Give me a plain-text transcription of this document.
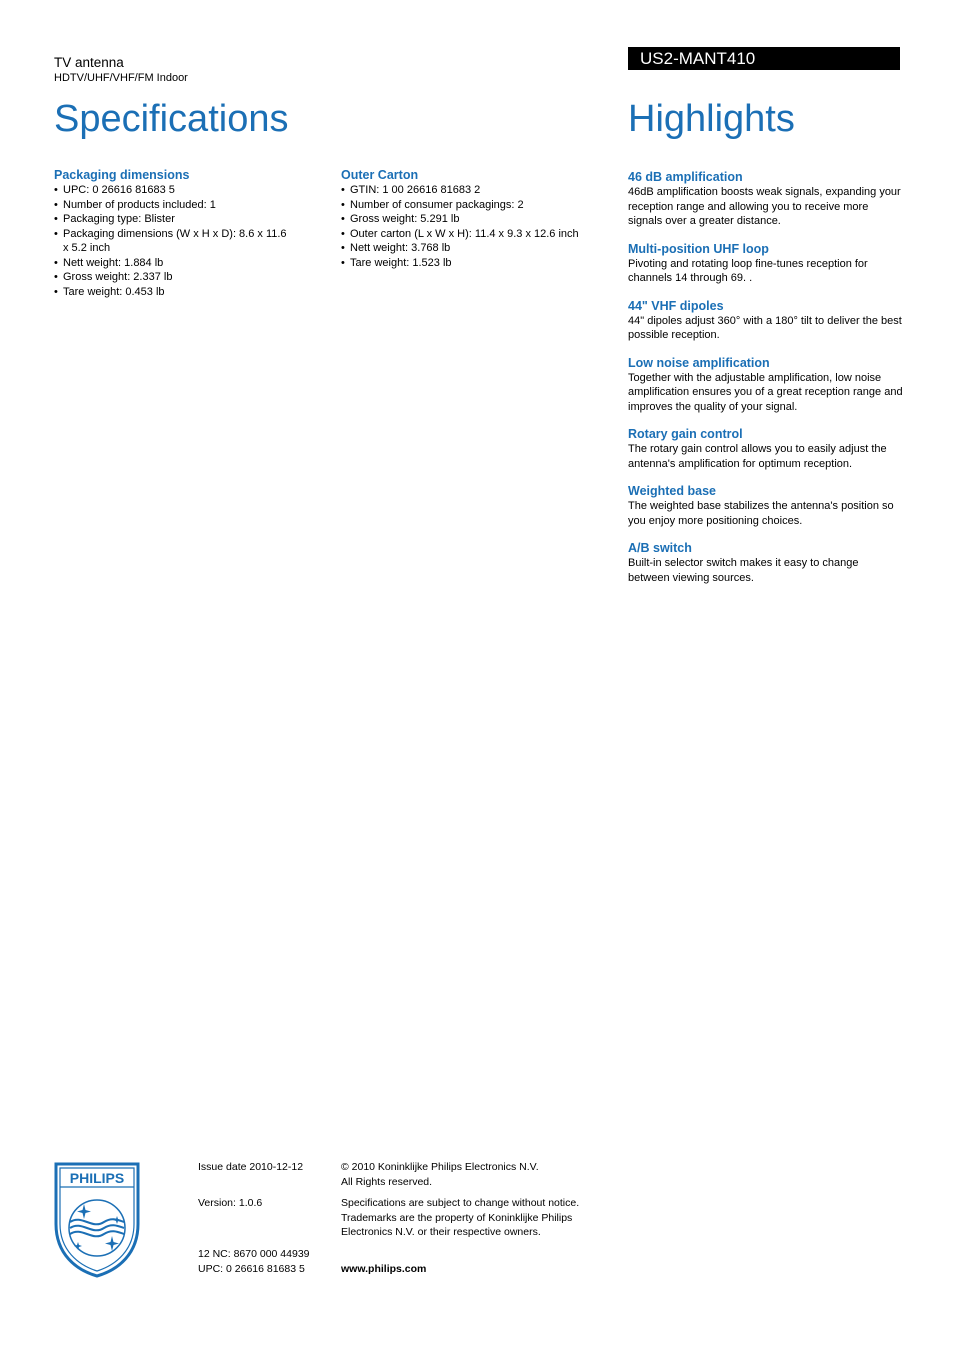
TV antenna
HDTV/UHF/VHF/FM Indoor
Specifications
US2-MANT410
Highlights
Packaging dimensions
• UPC: 0 26616 81683 5
• Number of products included: 1
• Packaging type: Blister
• Packaging dimensions (W x H x D): 8.6 x 11.6 x 5.2 inch
• Nett weight: 1.884 lb
• Gross weight: 2.337 lb
• Tare weight: 0.453 lb
Outer Carton
• GTIN: 1 00 26616 81683 2
• Number of consumer packagings: 2
• Gross weight: 5.291 lb
• Outer carton (L x W x H): 11.4 x 9.3 x 12.6 inch
• Nett weight: 3.768 lb
• Tare weight: 1.523 lb
46 dB amplification

46dB amplification boosts weak signals, expanding your reception range and allowing you to receive more signals over a greater distance.

Multi-position UHF loop

Pivoting and rotating loop fine-tunes reception for channels 14 through 69. .

44" VHF dipoles

44" dipoles adjust 360° with a 180° tilt to deliver the best possible reception.

Low noise amplification

Together with the adjustable amplification, low noise amplification ensures you of a great reception range and improves the quality of your signal.

Rotary gain control

The rotary gain control allows you to easily adjust the antenna's amplification for optimum reception.

Weighted base

The weighted base stabilizes the antenna's position so you enjoy more positioning choices.

A/B switch

Built-in selector switch makes it easy to change between viewing sources.

PHILIPS

Issue date 2010-12-12

Version: 1.0.6

12 NC: 8670 000 44939

UPC: 0 26616 81683 5

© 2010 Koninklijke Philips Electronics N.V.

All Rights reserved.

Specifications are subject to change without notice.

Trademarks are the property of Koninklijke Philips

Electronics N.V. or their respective owners.

www.philips.com
